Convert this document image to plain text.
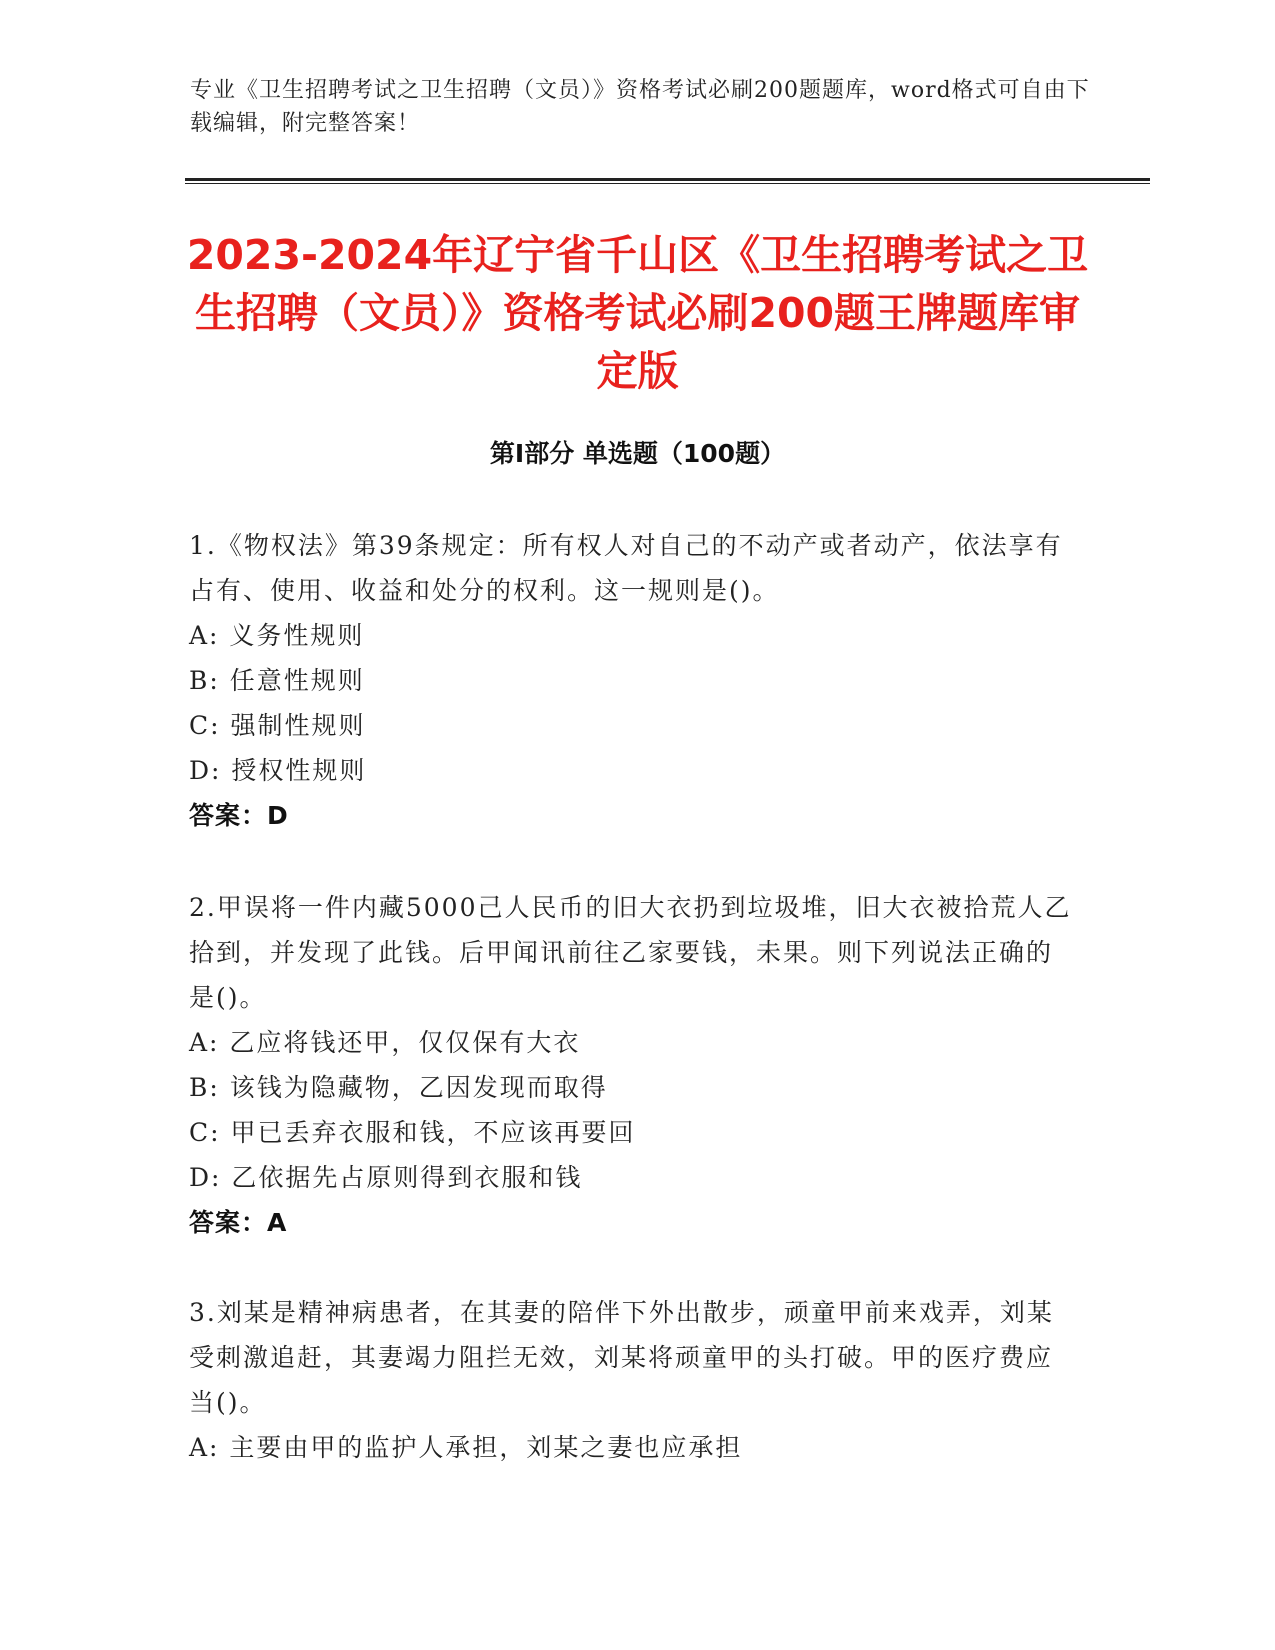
专业《卫生招聘考试之卫生招聘（文员）》资格考试必刷200题题库，word格式可自由下载编辑，附完整答案！
2023-2024年辽宁省千山区《卫生招聘考试之卫生招聘（文员）》资格考试必刷200题王牌题库审定版
第Ⅰ部分 单选题（100题）
1.《物权法》第39条规定：所有权人对自己的不动产或者动产，依法享有占有、使用、收益和处分的权利。这一规则是()。
A: 义务性规则
B: 任意性规则
C: 强制性规则
D: 授权性规则
答案：D
2.甲误将一件内藏5000己人民币的旧大衣扔到垃圾堆，旧大衣被拾荒人乙拾到，并发现了此钱。后甲闻讯前往乙家要钱，未果。则下列说法正确的是()。
A: 乙应将钱还甲，仅仅保有大衣
B: 该钱为隐藏物，乙因发现而取得
C: 甲已丢弃衣服和钱，不应该再要回
D: 乙依据先占原则得到衣服和钱
答案：A
3.刘某是精神病患者，在其妻的陪伴下外出散步，顽童甲前来戏弄，刘某受刺激追赶，其妻竭力阻拦无效，刘某将顽童甲的头打破。甲的医疗费应当()。
A: 主要由甲的监护人承担，刘某之妻也应承担
